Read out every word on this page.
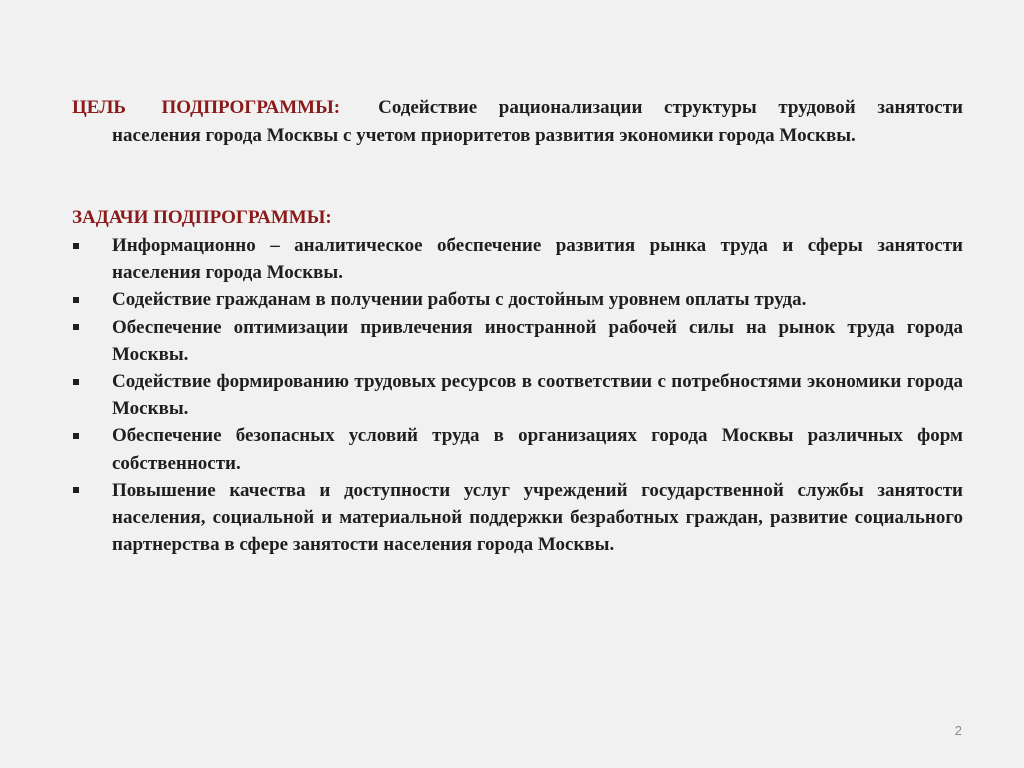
ЦЕЛЬ ПОДПРОГРАММЫ: Содействие рационализации структуры трудовой занятости населения города Москвы с учетом приоритетов развития экономики города Москвы.
ЗАДАЧИ ПОДПРОГРАММЫ:
Информационно – аналитическое обеспечение развития рынка труда и сферы занятости населения города Москвы.
Содействие гражданам в получении работы с достойным уровнем оплаты труда.
Обеспечение оптимизации привлечения иностранной рабочей силы на рынок труда города Москвы.
Содействие формированию трудовых ресурсов в соответствии с потребностями экономики города Москвы.
Обеспечение безопасных условий труда в организациях города Москвы различных форм собственности.
Повышение качества и доступности услуг учреждений государственной службы занятости населения, социальной и материальной поддержки безработных граждан, развитие социального партнерства в сфере занятости населения города Москвы.
2
